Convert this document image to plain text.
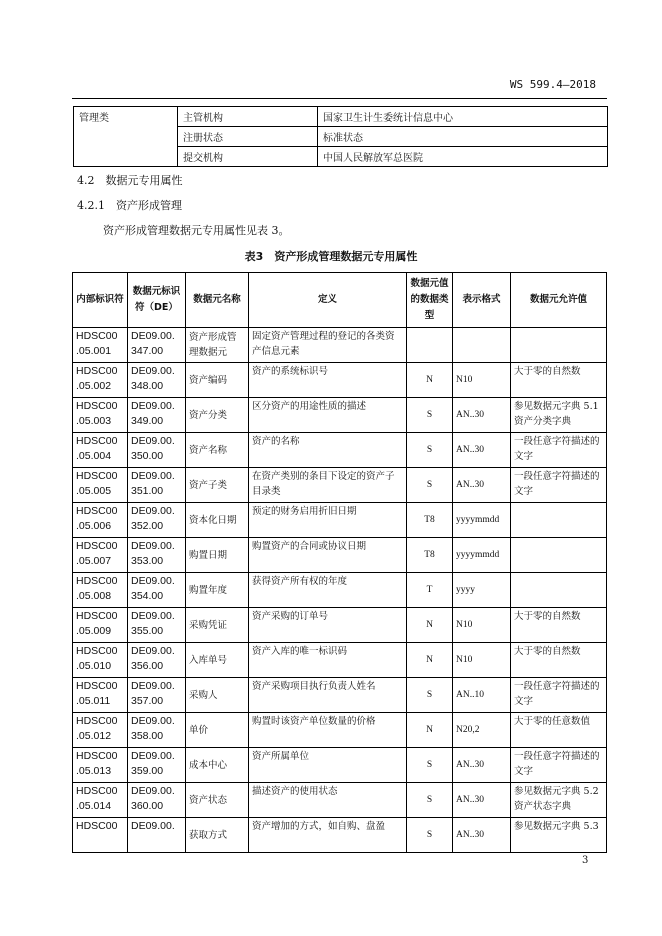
WS 599.4—2018
管理类	主管机构	国家卫生计生委统计信息中心
	注册状态	标准状态
	提交机构	中国人民解放军总医院
4.2　数据元专用属性
4.2.1　资产形成管理
资产形成管理数据元专用属性见表 3。
表3　资产形成管理数据元专用属性
内部标识符	数据元标识符（DE）	数据元名称	定义	数据元值的数据类型	表示格式	数据元允许值
HDSC00 .05.001	DE09.00. 347.00	资产形成管理数据元	固定资产管理过程的登记的各类资产信息元素			
HDSC00 .05.002	DE09.00. 348.00	资产编码	资产的系统标识号	N	N10	大于零的自然数
HDSC00 .05.003	DE09.00. 349.00	资产分类	区分资产的用途性质的描述	S	AN..30	参见数据元字典 5.1 资产分类字典
HDSC00 .05.004	DE09.00. 350.00	资产名称	资产的名称	S	AN..30	一段任意字符描述的文字
HDSC00 .05.005	DE09.00. 351.00	资产子类	在资产类别的条目下设定的资产子目录类	S	AN..30	一段任意字符描述的文字
HDSC00 .05.006	DE09.00. 352.00	资本化日期	预定的财务启用折旧日期	T8	yyyymmdd	
HDSC00 .05.007	DE09.00. 353.00	购置日期	购置资产的合同或协议日期	T8	yyyymmdd	
HDSC00 .05.008	DE09.00. 354.00	购置年度	获得资产所有权的年度	T	yyyy	
HDSC00 .05.009	DE09.00. 355.00	采购凭证	资产采购的订单号	N	N10	大于零的自然数
HDSC00 .05.010	DE09.00. 356.00	入库单号	资产入库的唯一标识码	N	N10	大于零的自然数
HDSC00 .05.011	DE09.00. 357.00	采购人	资产采购项目执行负责人姓名	S	AN..10	一段任意字符描述的文字
HDSC00 .05.012	DE09.00. 358.00	单价	购置时该资产单位数量的价格	N	N20,2	大于零的任意数值
HDSC00 .05.013	DE09.00. 359.00	成本中心	资产所属单位	S	AN..30	一段任意字符描述的文字
HDSC00 .05.014	DE09.00. 360.00	资产状态	描述资产的使用状态	S	AN..30	参见数据元字典 5.2 资产状态字典
HDSC00	DE09.00.	获取方式	资产增加的方式，如自购、盘盈	S	AN..30	参见数据元字典 5.3
3
